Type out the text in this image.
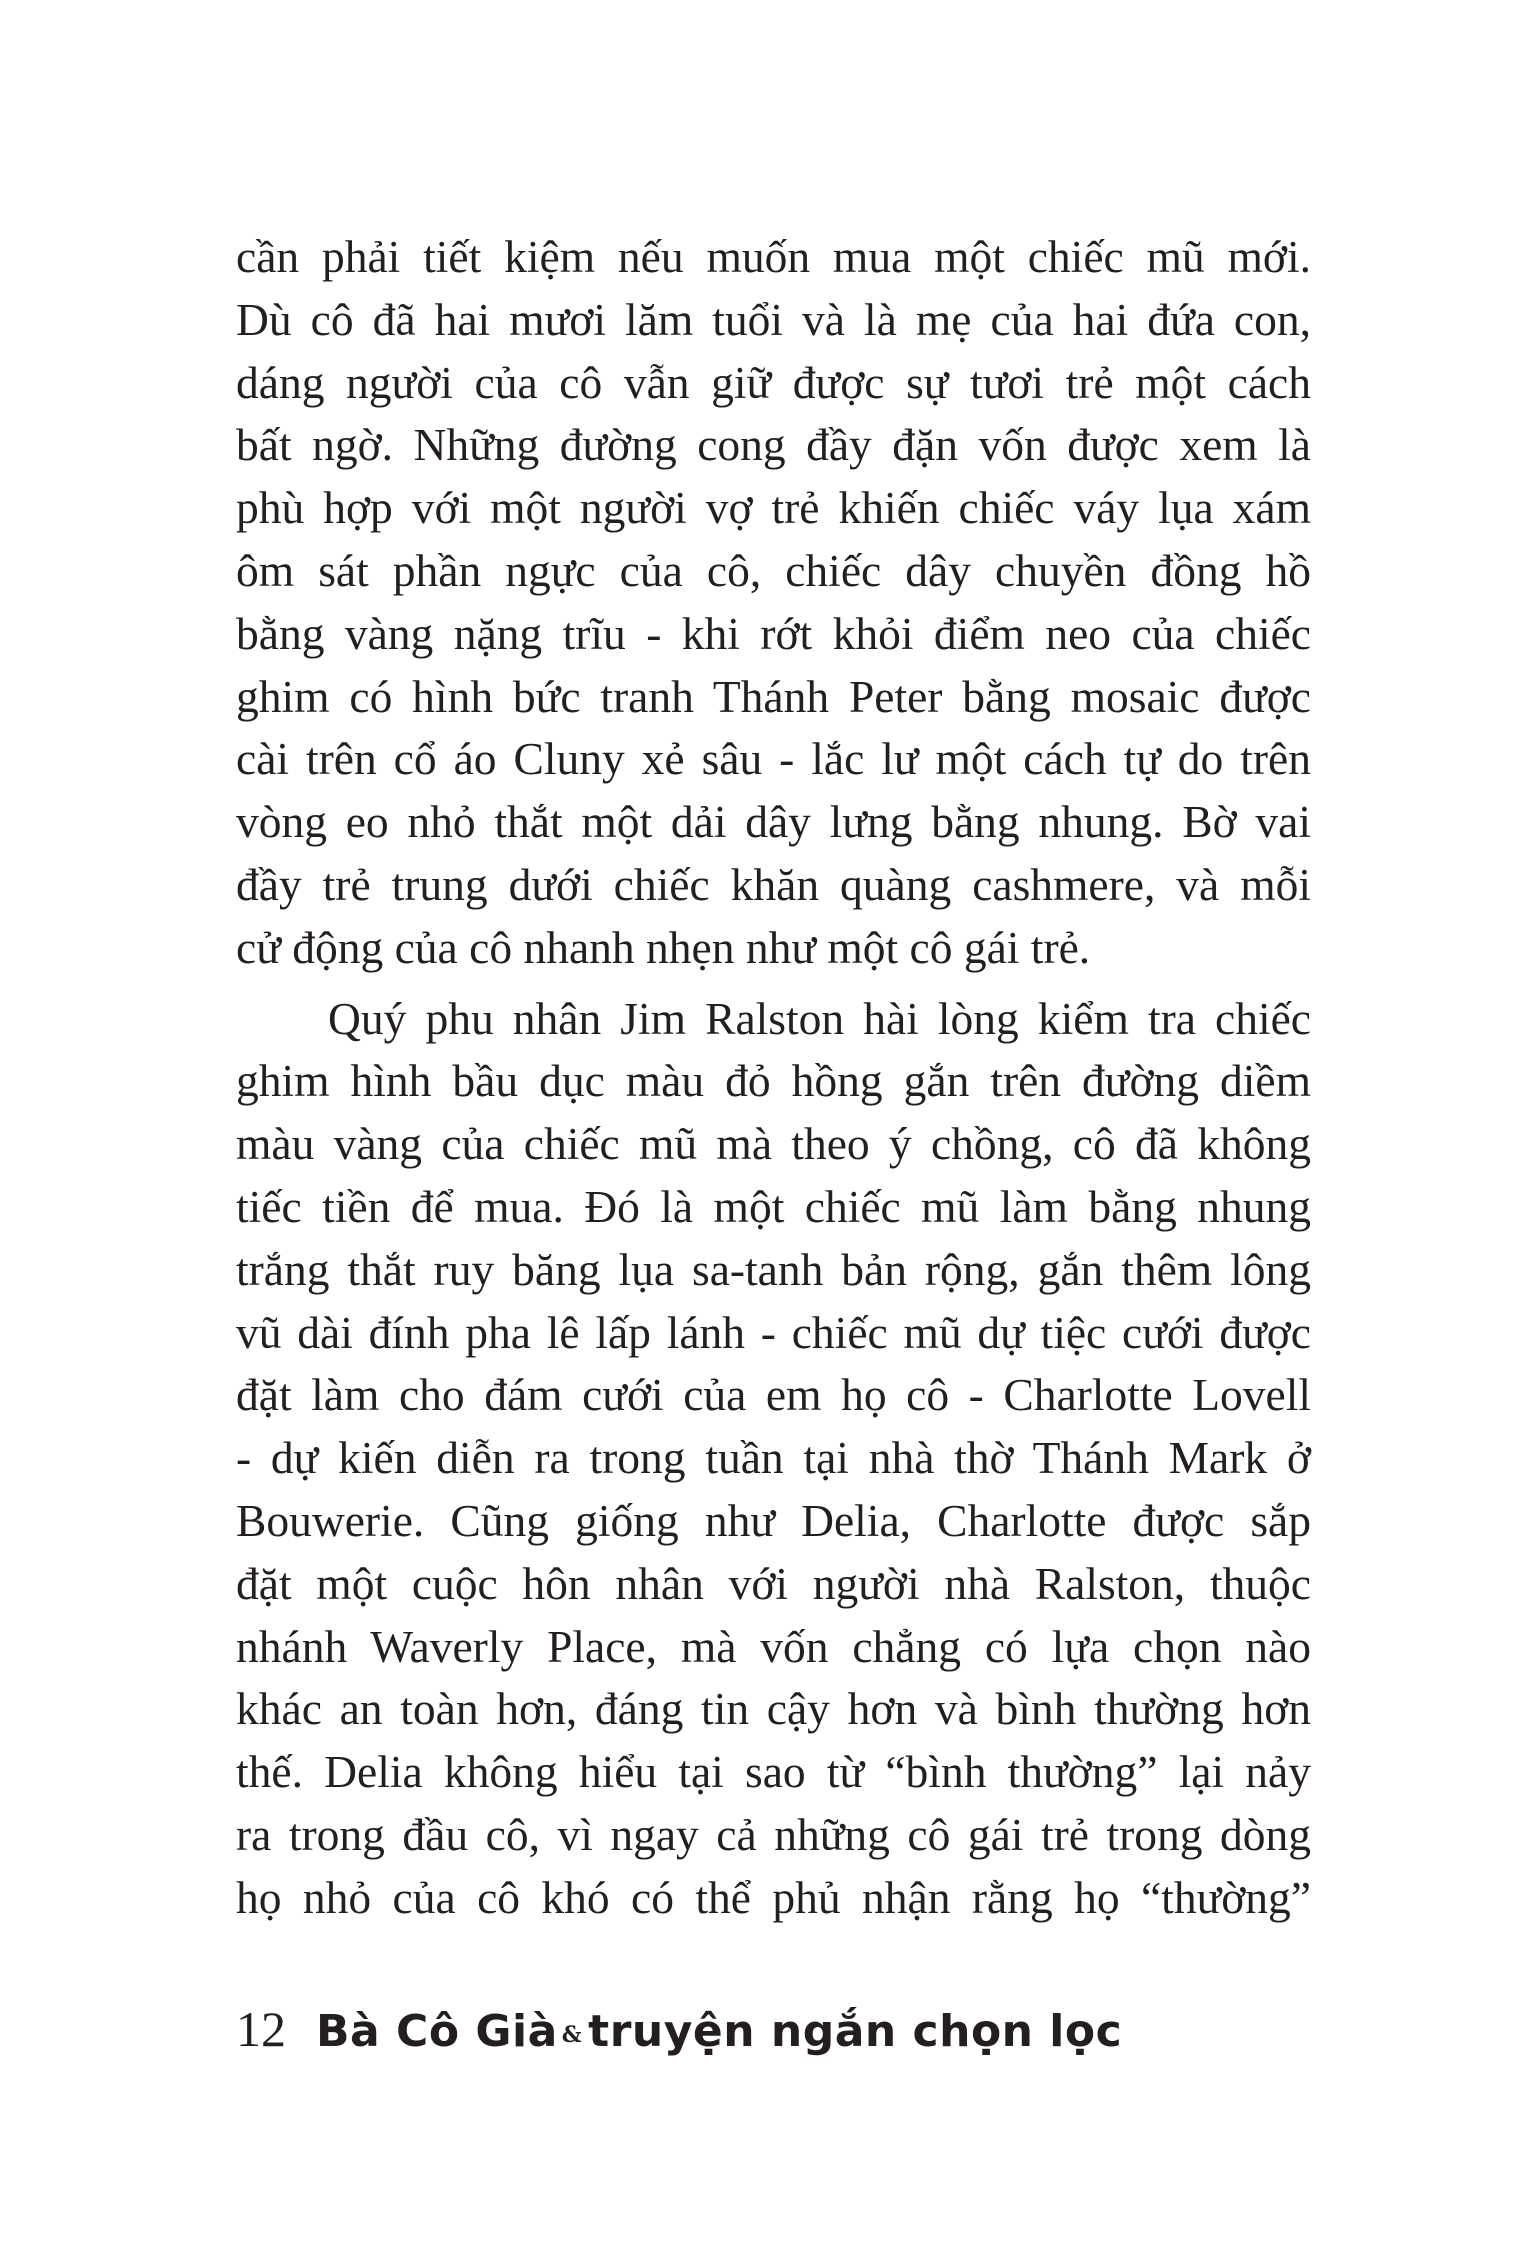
cần phải tiết kiệm nếu muốn mua một chiếc mũ mới.
Dù cô đã hai mươi lăm tuổi và là mẹ của hai đứa con,
dáng người của cô vẫn giữ được sự tươi trẻ một cách
bất ngờ. Những đường cong đầy đặn vốn được xem là
phù hợp với một người vợ trẻ khiến chiếc váy lụa xám
ôm sát phần ngực của cô, chiếc dây chuyền đồng hồ
bằng vàng nặng trĩu - khi rớt khỏi điểm neo của chiếc
ghim có hình bức tranh Thánh Peter bằng mosaic được
cài trên cổ áo Cluny xẻ sâu - lắc lư một cách tự do trên
vòng eo nhỏ thắt một dải dây lưng bằng nhung. Bờ vai
đầy trẻ trung dưới chiếc khăn quàng cashmere, và mỗi
cử động của cô nhanh nhẹn như một cô gái trẻ.
Quý phu nhân Jim Ralston hài lòng kiểm tra chiếc
ghim hình bầu dục màu đỏ hồng gắn trên đường diềm
màu vàng của chiếc mũ mà theo ý chồng, cô đã không
tiếc tiền để mua. Đó là một chiếc mũ làm bằng nhung
trắng thắt ruy băng lụa sa-tanh bản rộng, gắn thêm lông
vũ dài đính pha lê lấp lánh - chiếc mũ dự tiệc cưới được
đặt làm cho đám cưới của em họ cô - Charlotte Lovell
- dự kiến diễn ra trong tuần tại nhà thờ Thánh Mark ở
Bouwerie. Cũng giống như Delia, Charlotte được sắp
đặt một cuộc hôn nhân với người nhà Ralston, thuộc
nhánh Waverly Place, mà vốn chẳng có lựa chọn nào
khác an toàn hơn, đáng tin cậy hơn và bình thường hơn
thế. Delia không hiểu tại sao từ “bình thường” lại nảy
ra trong đầu cô, vì ngay cả những cô gái trẻ trong dòng
họ nhỏ của cô khó có thể phủ nhận rằng họ “thường”
12 Bà Cô Già & truyện ngắn chọn lọc
